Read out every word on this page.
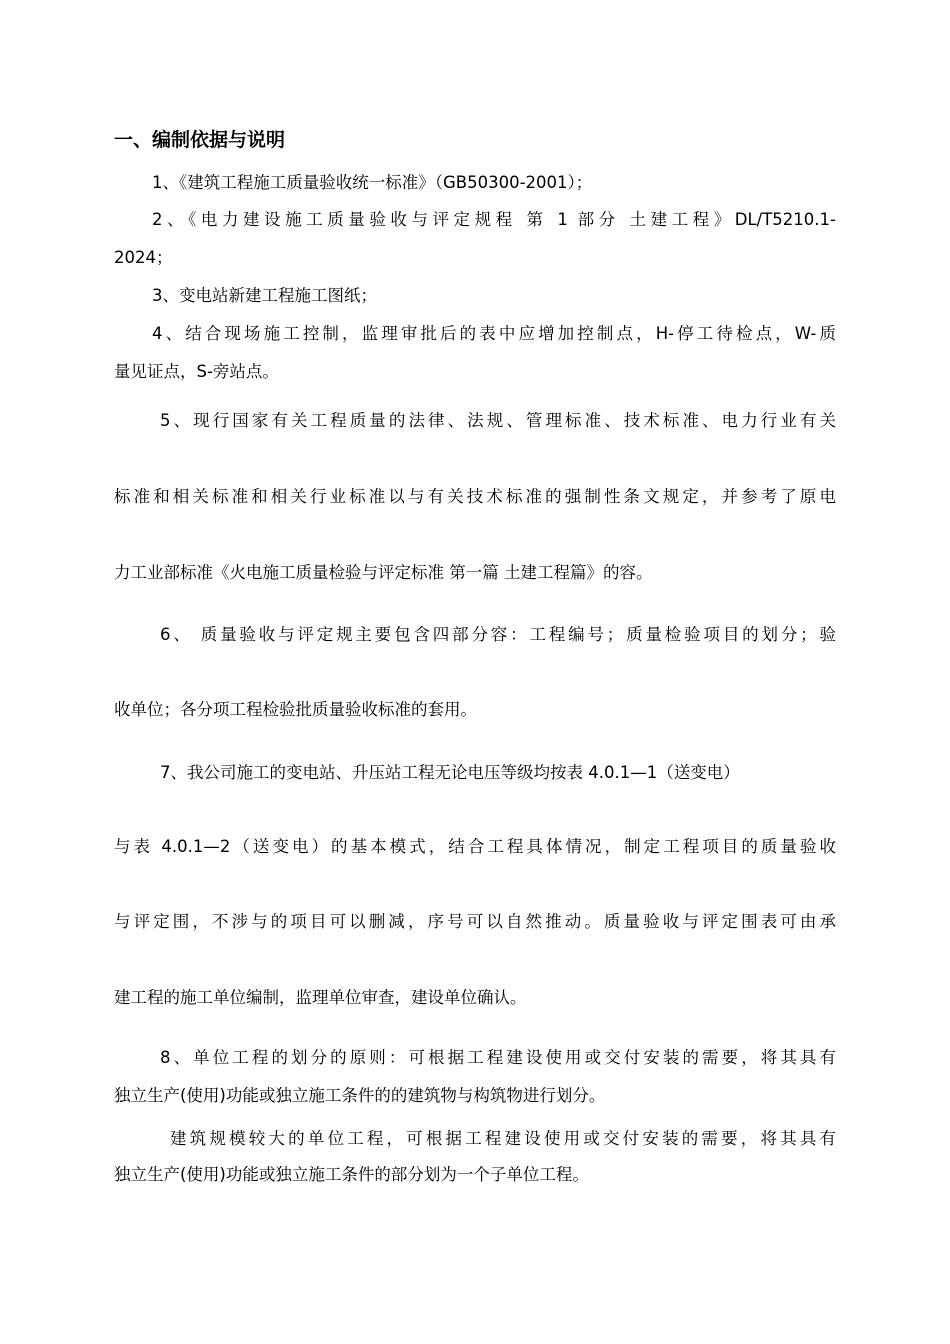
一、编制依据与说明
1、《建筑工程施工质量验收统一标准》（GB50300-2001）；
2、《电力建设施工质量验收与评定规程 第 1 部分 土建工程》DL/T5210.1-
2024；
3、变电站新建工程施工图纸；
4、结合现场施工控制，监理审批后的表中应增加控制点，H-停工待检点，W-质
量见证点，S-旁站点。
5、现行国家有关工程质量的法律、法规、管理标准、技术标准、电力行业有关
标准和相关标准和相关行业标准以与有关技术标准的强制性条文规定，并参考了原电
力工业部标准《火电施工质量检验与评定标准 第一篇 土建工程篇》的容。
6、 质量验收与评定规主要包含四部分容：工程编号；质量检验项目的划分；验
收单位；各分项工程检验批质量验收标准的套用。
7、我公司施工的变电站、升压站工程无论电压等级均按表 4.0.1—1（送变电）
与表 4.0.1—2（送变电）的基本模式，结合工程具体情况，制定工程项目的质量验收
与评定围，不涉与的项目可以删减，序号可以自然推动。质量验收与评定围表可由承
建工程的施工单位编制，监理单位审查，建设单位确认。
8、单位工程的划分的原则：可根据工程建设使用或交付安装的需要，将其具有
独立生产(使用)功能或独立施工条件的的建筑物与构筑物进行划分。
建筑规模较大的单位工程，可根据工程建设使用或交付安装的需要，将其具有
独立生产(使用)功能或独立施工条件的部分划为一个子单位工程。
